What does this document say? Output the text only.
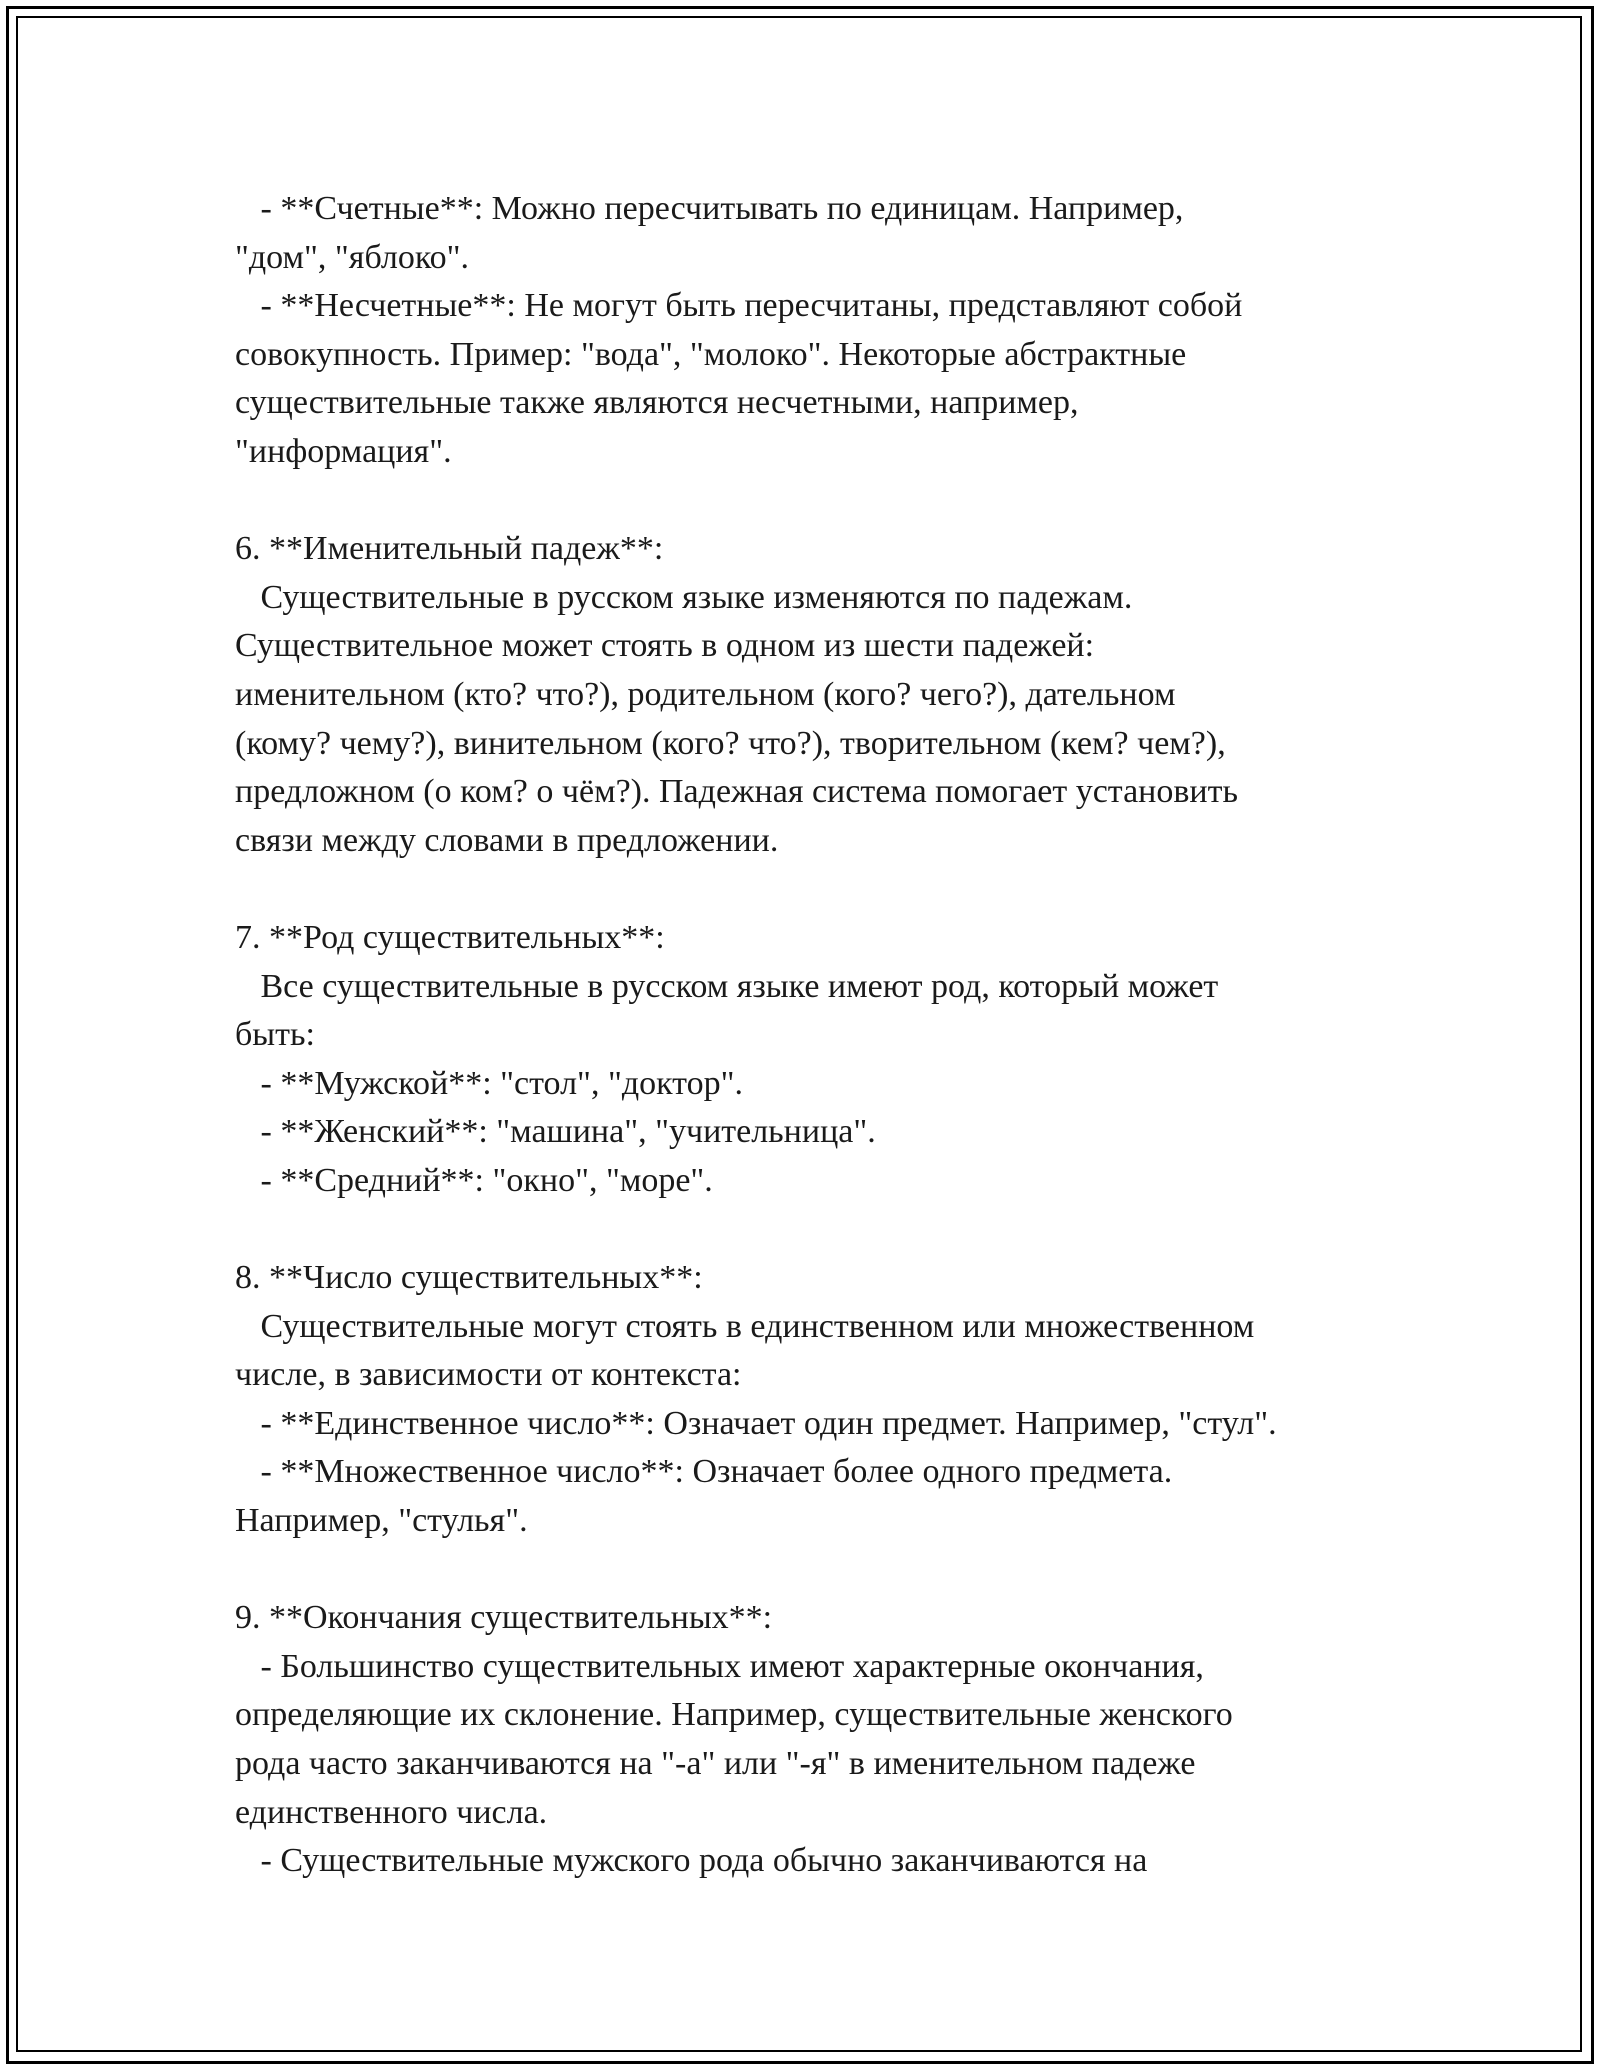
- **Счетные**: Можно пересчитывать по единицам. Например,
"дом", "яблоко".
- **Несчетные**: Не могут быть пересчитаны, представляют собой
совокупность. Пример: "вода", "молоко". Некоторые абстрактные
существительные также являются несчетными, например,
"информация".
6. **Именительный падеж**:
Существительные в русском языке изменяются по падежам.
Существительное может стоять в одном из шести падежей:
именительном (кто? что?), родительном (кого? чего?), дательном
(кому? чему?), винительном (кого? что?), творительном (кем? чем?),
предложном (о ком? о чём?). Падежная система помогает установить
связи между словами в предложении.
7. **Род существительных**:
Все существительные в русском языке имеют род, который может
быть:
- **Мужской**: "стол", "доктор".
- **Женский**: "машина", "учительница".
- **Средний**: "окно", "море".
8. **Число существительных**:
Существительные могут стоять в единственном или множественном
числе, в зависимости от контекста:
- **Единственное число**: Означает один предмет. Например, "стул".
- **Множественное число**: Означает более одного предмета.
Например, "стулья".
9. **Окончания существительных**:
- Большинство существительных имеют характерные окончания,
определяющие их склонение. Например, существительные женского
рода часто заканчиваются на "-а" или "-я" в именительном падеже
единственного числа.
- Существительные мужского рода обычно заканчиваются на
